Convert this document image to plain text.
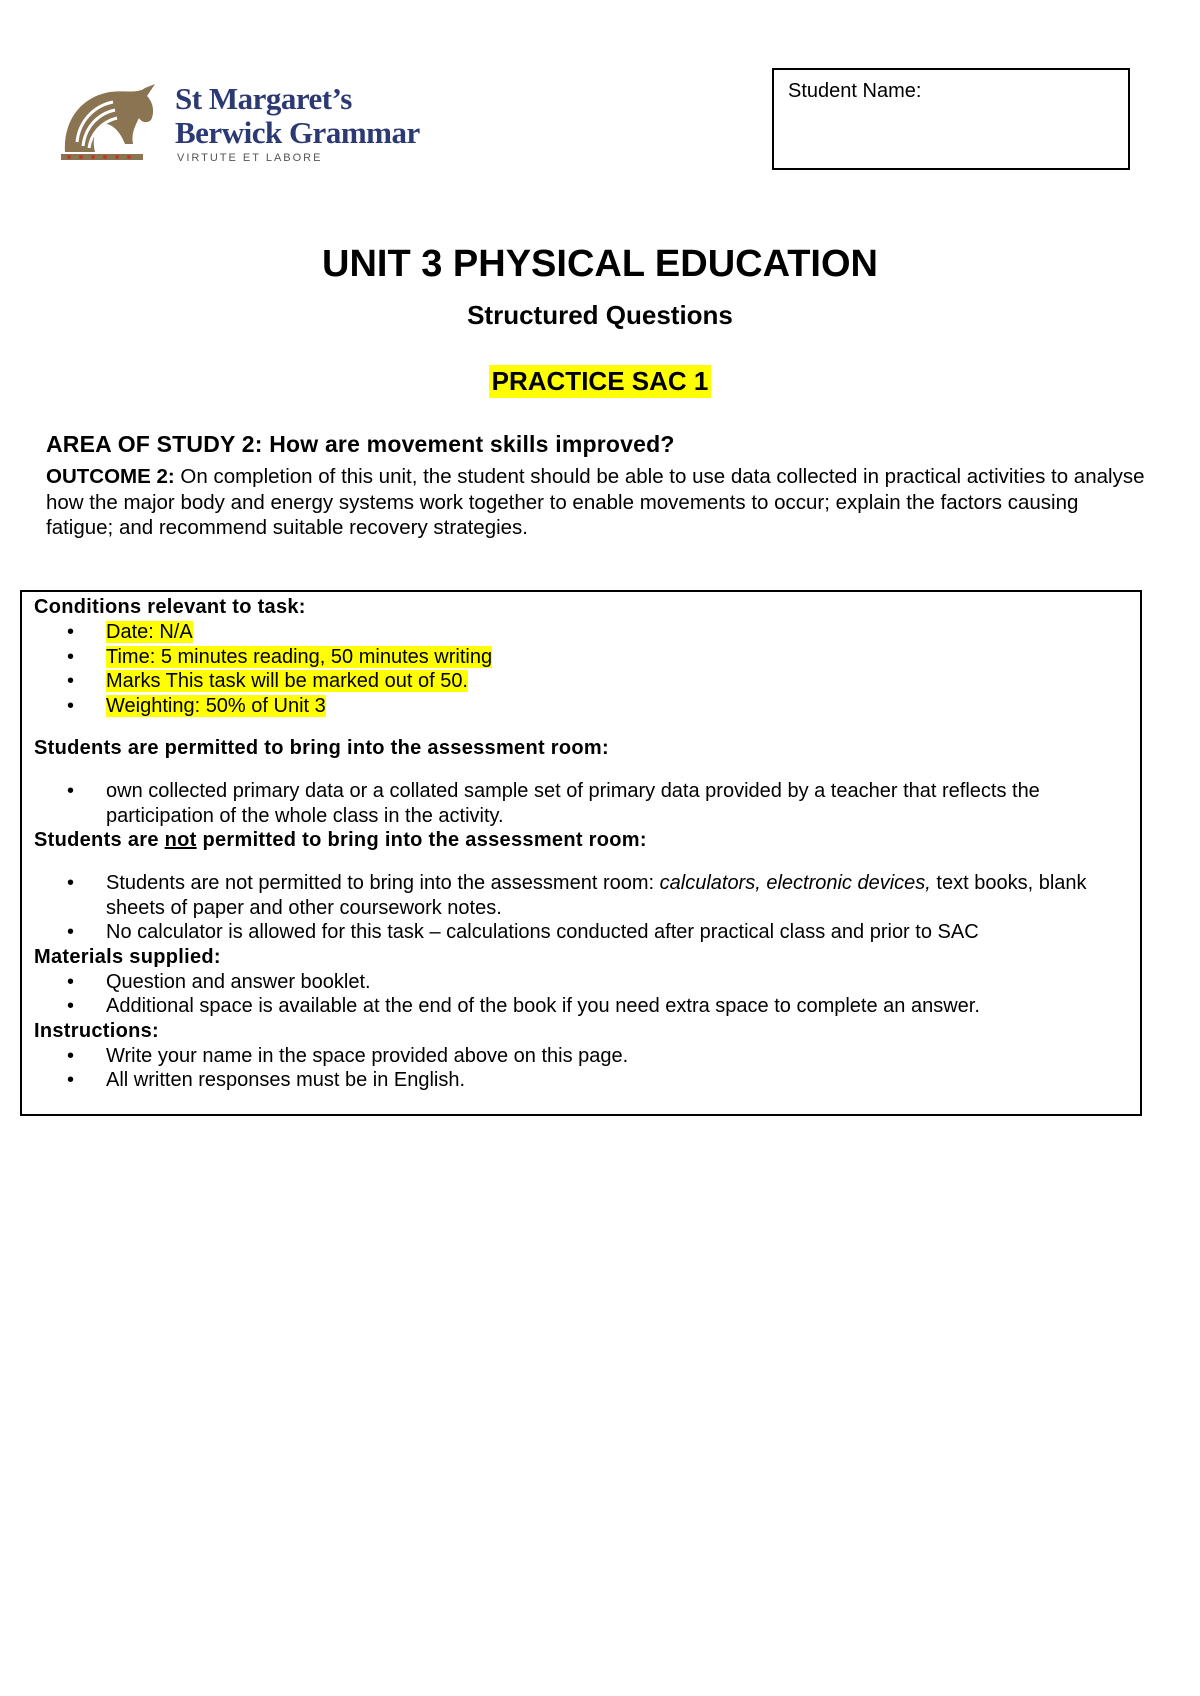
St Margaret’s
Berwick Grammar
VIRTUTE ET LABORE
Student Name:
UNIT 3 PHYSICAL EDUCATION
Structured Questions
PRACTICE SAC 1
AREA OF STUDY 2: How are movement skills improved?
OUTCOME 2: On completion of this unit, the student should be able to use data collected in practical activities to analyse how the major body and energy systems work together to enable movements to occur; explain the factors causing fatigue; and recommend suitable recovery strategies.
Conditions relevant to task:
• Date: N/A
• Time: 5 minutes reading, 50 minutes writing
• Marks This task will be marked out of 50.
• Weighting: 50% of Unit 3
Students are permitted to bring into the assessment room:
• own collected primary data or a collated sample set of primary data provided by a teacher that reflects the participation of the whole class in the activity.
Students are not permitted to bring into the assessment room:
• Students are not permitted to bring into the assessment room: calculators, electronic devices, text books, blank sheets of paper and other coursework notes.
• No calculator is allowed for this task – calculations conducted after practical class and prior to SAC
Materials supplied:
• Question and answer booklet.
• Additional space is available at the end of the book if you need extra space to complete an answer.
Instructions:
• Write your name in the space provided above on this page.
• All written responses must be in English.
